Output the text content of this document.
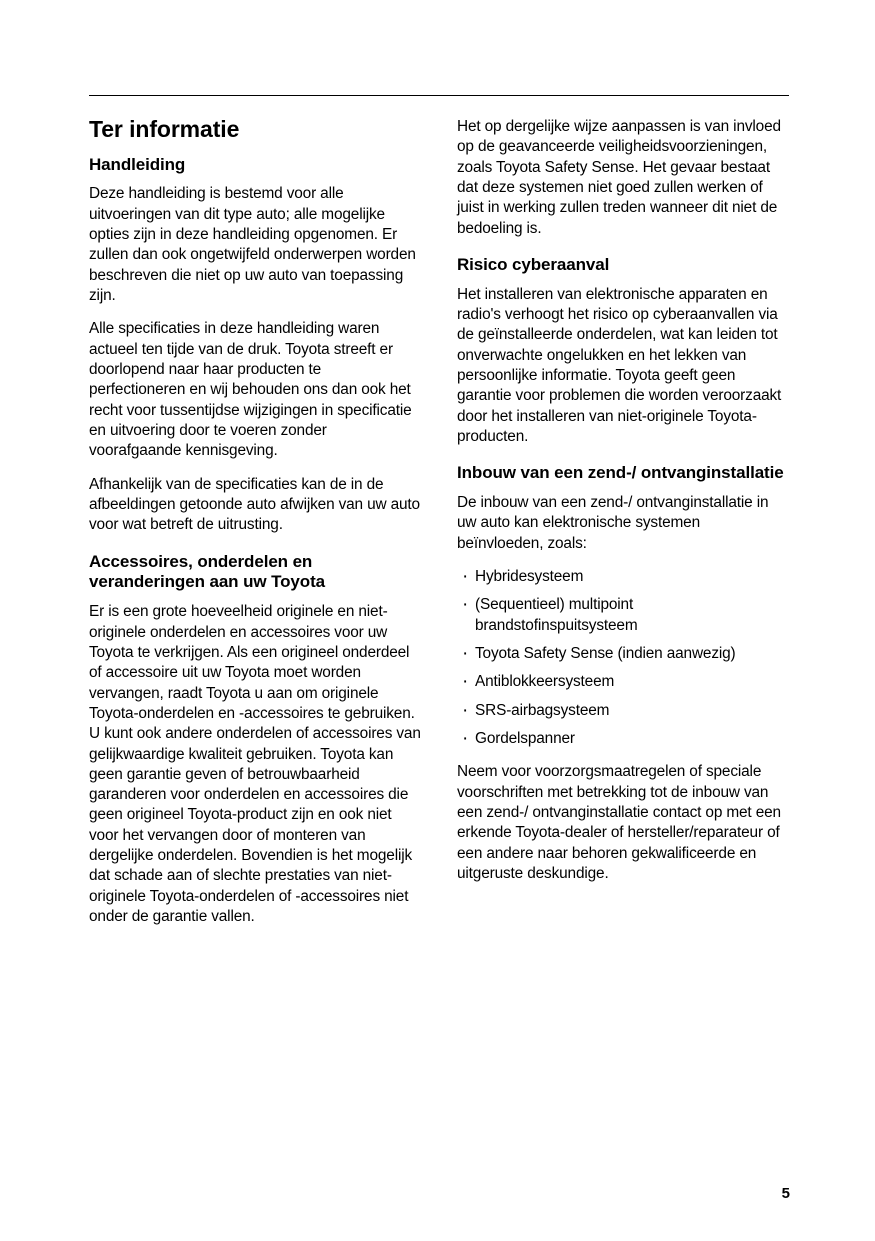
Ter informatie
Handleiding

Deze handleiding is bestemd voor alle uitvoeringen van dit type auto; alle mogelijke opties zijn in deze handleiding opgenomen. Er zullen dan ook ongetwijfeld onderwerpen worden beschreven die niet op uw auto van toepassing zijn.

Alle specificaties in deze handleiding waren actueel ten tijde van de druk. Toyota streeft er doorlopend naar haar producten te perfectioneren en wij behouden ons dan ook het recht voor tussentijdse wijzigingen in specificatie en uitvoering door te voeren zonder voorafgaande kennisgeving.

Afhankelijk van de specificaties kan de in de afbeeldingen getoonde auto afwijken van uw auto voor wat betreft de uitrusting.

Accessoires, onderdelen en veranderingen aan uw Toyota

Er is een grote hoeveelheid originele en niet-originele onderdelen en accessoires voor uw Toyota te verkrijgen. Als een origineel onderdeel of accessoire uit uw Toyota moet worden vervangen, raadt Toyota u aan om originele Toyota-onderdelen en -accessoires te gebruiken. U kunt ook andere onderdelen of accessoires van gelijkwaardige kwaliteit gebruiken. Toyota kan geen garantie geven of betrouwbaarheid garanderen voor onderdelen en accessoires die geen origineel Toyota-product zijn en ook niet voor het vervangen door of monteren van dergelijke onderdelen. Bovendien is het mogelijk dat schade aan of slechte prestaties van niet-originele Toyota-onderdelen of -accessoires niet onder de garantie vallen.

Het op dergelijke wijze aanpassen is van invloed op de geavanceerde veiligheidsvoorzieningen, zoals Toyota Safety Sense. Het gevaar bestaat dat deze systemen niet goed zullen werken of juist in werking zullen treden wanneer dit niet de bedoeling is.

Risico cyberaanval

Het installeren van elektronische apparaten en radio's verhoogt het risico op cyberaanvallen via de geïnstalleerde onderdelen, wat kan leiden tot onverwachte ongelukken en het lekken van persoonlijke informatie. Toyota geeft geen garantie voor problemen die worden veroorzaakt door het installeren van niet-originele Toyota-producten.

Inbouw van een zend-/ ontvanginstallatie

De inbouw van een zend-/ ontvanginstallatie in uw auto kan elektronische systemen beïnvloeden, zoals:

· Hybridesysteem
· (Sequentieel) multipoint brandstofinspuitsysteem
· Toyota Safety Sense (indien aanwezig)
· Antiblokkeersysteem
· SRS-airbagsysteem
· Gordelspanner

Neem voor voorzorgsmaatregelen of speciale voorschriften met betrekking tot de inbouw van een zend-/ ontvanginstallatie contact op met een erkende Toyota-dealer of hersteller/reparateur of een andere naar behoren gekwalificeerde en uitgeruste deskundige.

5
